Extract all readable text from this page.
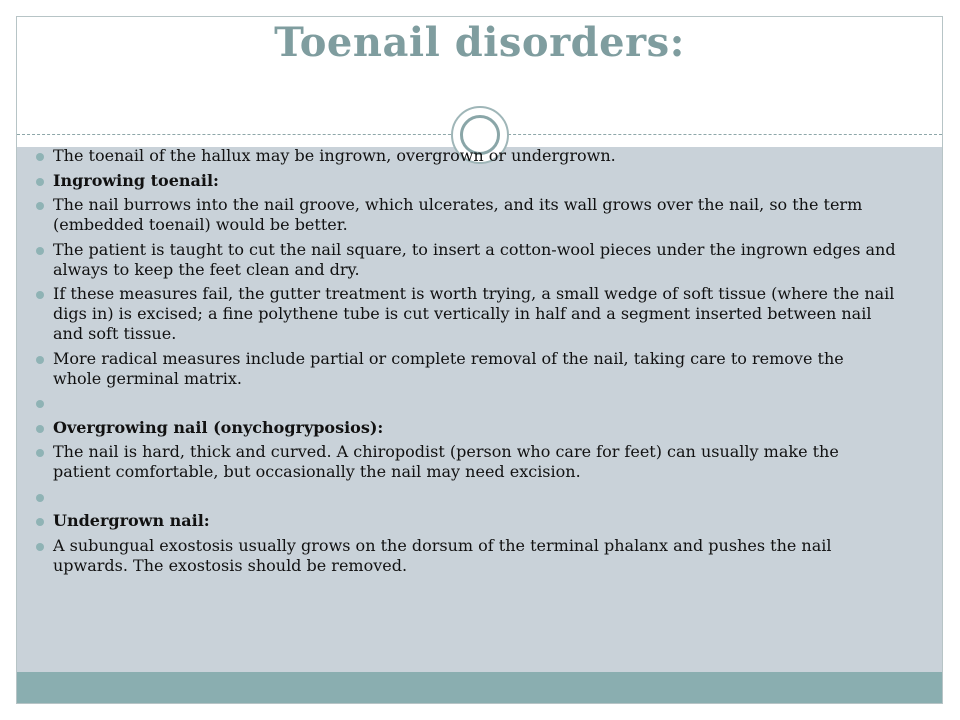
Toenail disorders:
The toenail of the hallux may be ingrown, overgrown or undergrown.
Ingrowing toenail:
The nail burrows into the nail groove, which ulcerates, and its wall grows over the nail, so the term (embedded toenail) would be better.
The patient is taught to cut the nail square, to insert a cotton-wool pieces under the ingrown edges and always to keep the feet clean and dry.
If these measures fail, the gutter treatment is worth trying, a small wedge of soft tissue (where the nail digs in) is excised; a fine polythene tube is cut vertically in half and a segment inserted between nail and soft tissue.
More radical measures include partial or complete removal of the nail, taking care to remove the whole germinal matrix.
Overgrowing nail (onychogryposios):
The nail is hard, thick and curved. A chiropodist (person who care for feet) can usually make the patient comfortable, but occasionally the nail may need excision.
Undergrown nail:
A subungual exostosis usually grows on the dorsum of the terminal phalanx and pushes the nail upwards. The exostosis should be removed.
